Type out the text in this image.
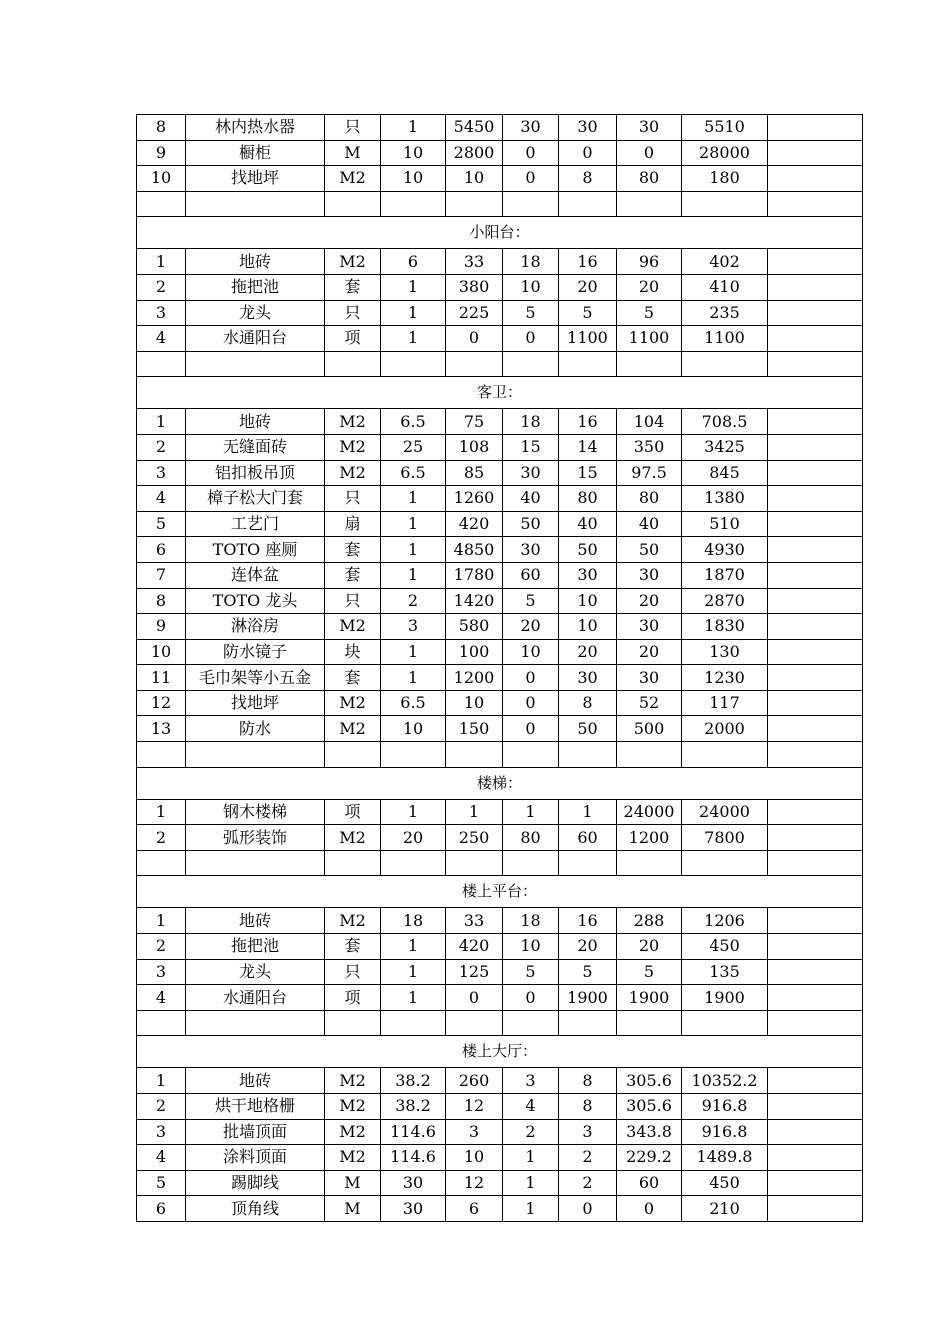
8	林内热水器	只	1	5450	30	30	30	5510	
9	橱柜	M	10	2800	0	0	0	28000	
10	找地坪	M2	10	10	0	8	80	180	

小阳台：									
1	地砖	M2	6	33	18	16	96	402	
2	拖把池	套	1	380	10	20	20	410	
3	龙头	只	1	225	5	5	5	235	
4	水通阳台	项	1	0	0	1100	1100	1100	

客卫：									
1	地砖	M2	6.5	75	18	16	104	708.5	
2	无缝面砖	M2	25	108	15	14	350	3425	
3	铝扣板吊顶	M2	6.5	85	30	15	97.5	845	
4	樟子松大门套	只	1	1260	40	80	80	1380	
5	工艺门	扇	1	420	50	40	40	510	
6	TOTO 座厕	套	1	4850	30	50	50	4930	
7	连体盆	套	1	1780	60	30	30	1870	
8	TOTO 龙头	只	2	1420	5	10	20	2870	
9	淋浴房	M2	3	580	20	10	30	1830	
10	防水镜子	块	1	100	10	20	20	130	
11	毛巾架等小五金	套	1	1200	0	30	30	1230	
12	找地坪	M2	6.5	10	0	8	52	117	
13	防水	M2	10	150	0	50	500	2000	

楼梯：									
1	钢木楼梯	项	1	1	1	1	24000	24000	
2	弧形装饰	M2	20	250	80	60	1200	7800	

楼上平台：									
1	地砖	M2	18	33	18	16	288	1206	
2	拖把池	套	1	420	10	20	20	450	
3	龙头	只	1	125	5	5	5	135	
4	水通阳台	项	1	0	0	1900	1900	1900	

楼上大厅：									
1	地砖	M2	38.2	260	3	8	305.6	10352.2	
2	烘干地格栅	M2	38.2	12	4	8	305.6	916.8	
3	批墙顶面	M2	114.6	3	2	3	343.8	916.8	
4	涂料顶面	M2	114.6	10	1	2	229.2	1489.8	
5	踢脚线	M	30	12	1	2	60	450	
6	顶角线	M	30	6	1	0	0	210	
